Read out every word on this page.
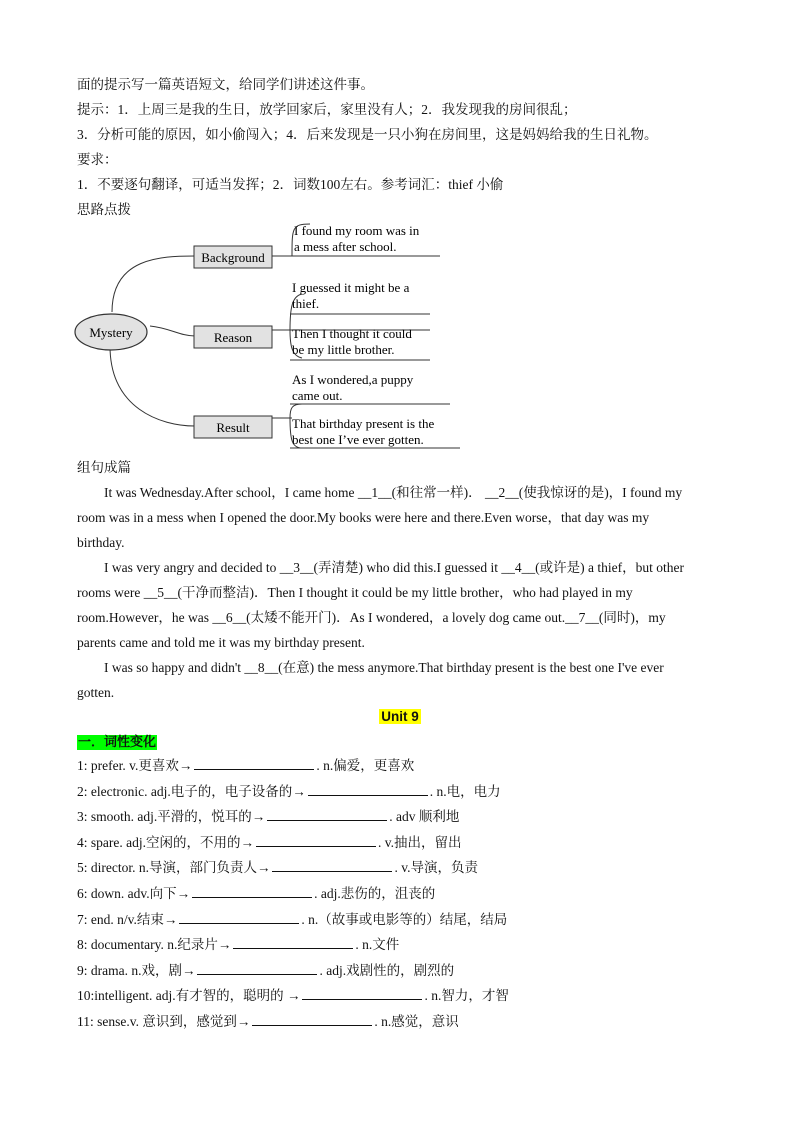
面的提示写一篇英语短文，给同学们讲述这件事。
提示：1．上周三是我的生日，放学回家后，家里没有人；2．我发现我的房间很乱；
3．分析可能的原因，如小偷闯入；4．后来发现是一只小狗在房间里，这是妈妈给我的生日礼物。
要求：
1．不要逐句翻译，可适当发挥；2．词数100左右。参考词汇：thief 小偷
思路点拨
Mystery
Background
I found my room was in
a mess after school.
Reason
I guessed it might be a
thief.
Then I thought it could
be my little brother.
Result
As I wondered,a puppy
came out.
That birthday present is the
best one I’ve ever gotten.
组句成篇
It was Wednesday.After school，I came home __1__(和往常一样)． __2__(使我惊讶的是)，I found my
room was in a mess when I opened the door.My books were here and there.Even worse，that day was my
birthday.
I was very angry and decided to __3__(弄清楚) who did this.I guessed it __4__(或许是) a thief，but other
rooms were __5__(干净而整洁)．Then I thought it could be my little brother，who had played in my
room.However，he was __6__(太矮不能开门)．As I wondered，a lovely dog came out.__7__(同时)，my
parents came and told me it was my birthday present.
I was so happy and didn't __8__(在意) the mess anymore.That birthday present is the best one I've ever
gotten.
Unit 9
一．词性变化
1: prefer. v.更喜欢→	. n.偏爱，更喜欢
2: electronic. adj.电子的，电子设备的→	. n.电，电力
3: smooth. adj.平滑的，悦耳的→	. adv 顺利地
4: spare. adj.空闲的，不用的→	. v.抽出，留出
5: director. n.导演，部门负责人→	. v.导演，负责
6: down. adv.向下→	. adj.悲伤的，沮丧的
7: end. n/v.结束→	. n.（故事或电影等的）结尾，结局
8: documentary. n.纪录片→	. n.文件
9: drama. n.戏，剧→	. adj.戏剧性的，剧烈的
10:intelligent. adj.有才智的，聪明的 →	. n.智力，才智
11: sense.v. 意识到，感觉到→	. n.感觉，意识
